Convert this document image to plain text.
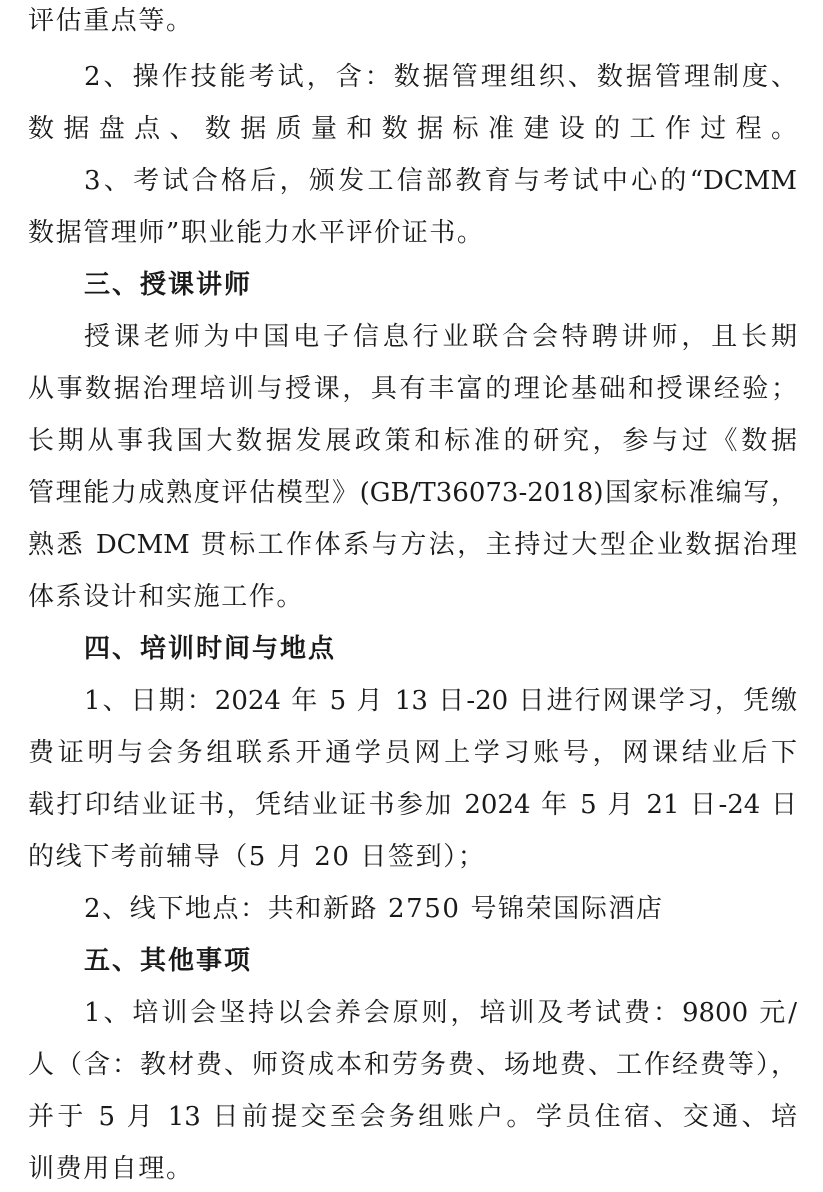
评估重点等。
2、操作技能考试，含：数据管理组织、数据管理制度、
数据盘点、数据质量和数据标准建设的工作过程。
3、考试合格后，颁发工信部教育与考试中心的“DCMM
数据管理师”职业能力水平评价证书。
三、授课讲师
授课老师为中国电子信息行业联合会特聘讲师，且长期
从事数据治理培训与授课，具有丰富的理论基础和授课经验；
长期从事我国大数据发展政策和标准的研究，参与过《数据
管理能力成熟度评估模型》(GB/T36073-2018)国家标准编写，
熟悉 DCMM 贯标工作体系与方法，主持过大型企业数据治理
体系设计和实施工作。
四、培训时间与地点
1、日期：2024 年 5 月 13 日-20 日进行网课学习，凭缴
费证明与会务组联系开通学员网上学习账号，网课结业后下
载打印结业证书，凭结业证书参加 2024 年 5 月 21 日-24 日
的线下考前辅导（5 月 20 日签到）；
2、线下地点：共和新路 2750 号锦荣国际酒店
五、其他事项
1、培训会坚持以会养会原则，培训及考试费：9800 元/
人（含：教材费、师资成本和劳务费、场地费、工作经费等），
并于 5 月 13 日前提交至会务组账户。学员住宿、交通、培
训费用自理。
